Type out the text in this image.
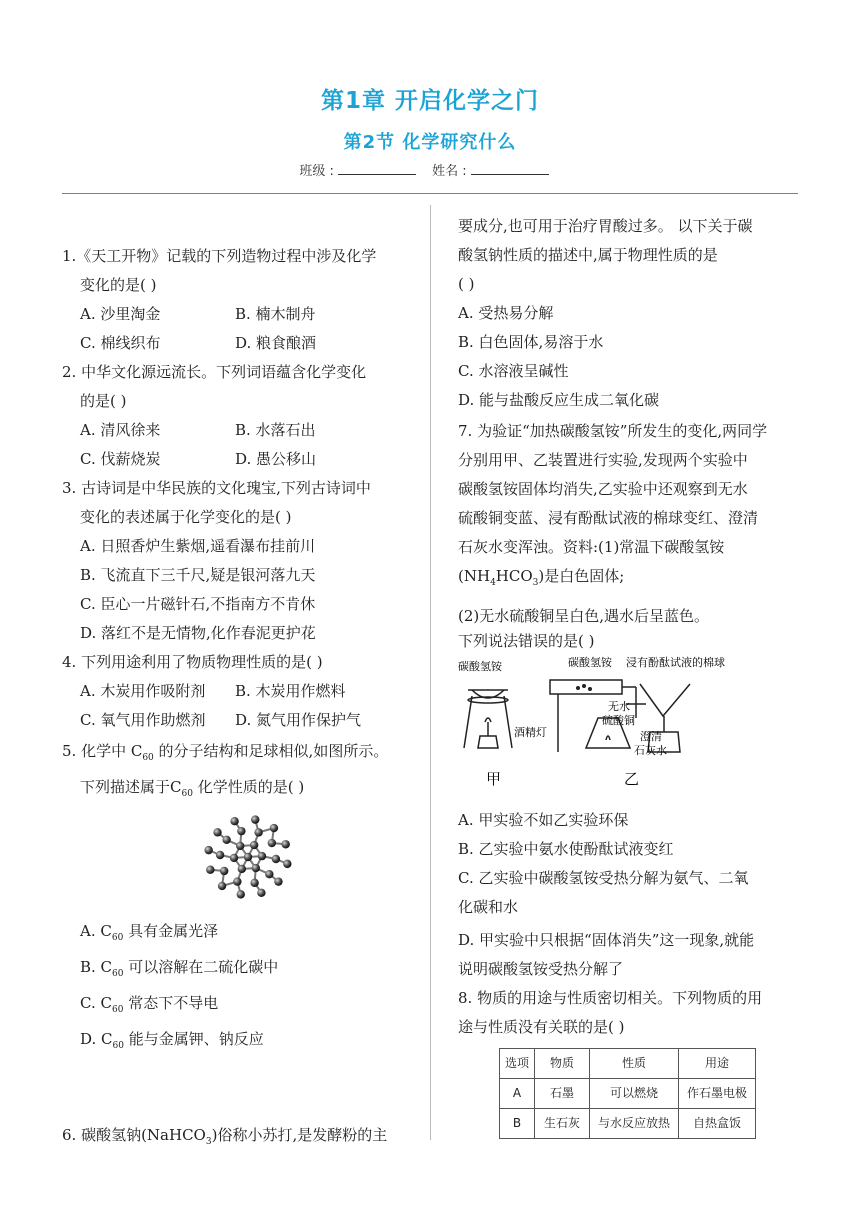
第1章 开启化学之门
第2节 化学研究什么
班级 :	姓名 :
1.《天工开物》记载的下列造物过程中涉及化学
变化的是( )
A. 沙里淘金	B. 楠木制舟
C. 棉线织布	D. 粮食酿酒
2. 中华文化源远流长。下列词语蕴含化学变化
的是( )
A. 清风徐来	B. 水落石出
C. 伐薪烧炭	D. 愚公移山
3. 古诗词是中华民族的文化瑰宝,下列古诗词中
变化的表述属于化学变化的是( )
A. 日照香炉生紫烟,遥看瀑布挂前川
B. 飞流直下三千尺,疑是银河落九天
C. 臣心一片磁针石,不指南方不肯休
D. 落红不是无情物,化作春泥更护花
4. 下列用途利用了物质物理性质的是( )
A. 木炭用作吸附剂	B. 木炭用作燃料
C. 氧气用作助燃剂	D. 氮气用作保护气
5. 化学中 $C_{60}$ 的分子结构和足球相似,如图所示。
下列描述属于$C_{60}$ 化学性质的是( )
A. $C_{60}$ 具有金属光泽
B. $C_{60}$ 可以溶解在二硫化碳中
C. $C_{60}$ 常态下不导电
D. $C_{60}$ 能与金属钾、钠反应
6. 碳酸氢钠(NaHCO$_3$)俗称小苏打,是发酵粉的主
要成分,也可用于治疗胃酸过多。 以下关于碳
酸氢钠性质的描述中,属于物理性质的是
( )
A. 受热易分解
B. 白色固体,易溶于水
C. 水溶液呈碱性
D. 能与盐酸反应生成二氧化碳
7. 为验证“加热碳酸氢铵”所发生的变化,两同学
分别用甲、乙装置进行实验,发现两个实验中
碳酸氢铵固体均消失,乙实验中还观察到无水
硫酸铜变蓝、浸有酚酞试液的棉球变红、澄清
石灰水变浑浊。资料:(1)常温下碳酸氢铵
$(NH_4HCO_3)$是白色固体;
(2)无水硫酸铜呈白色,遇水后呈蓝色。
下列说法错误的是( )
碳酸氢铵	碳酸氢铵 浸有酚酞试液的棉球
无水
硫酸铜
酒精灯	澄清
石灰水
甲	乙
A. 甲实验不如乙实验环保
B. 乙实验中氨水使酚酞试液变红
C. 乙实验中碳酸氢铵受热分解为氨气、二氧
化碳和水
D. 甲实验中只根据“固体消失”这一现象,就能
说明碳酸氢铵受热分解了
8. 物质的用途与性质密切相关。下列物质的用
途与性质没有关联的是( )
选项	物质	性质	用途
A	石墨	可以燃烧	作石墨电极
B	生石灰	与水反应放热	自热盒饭
